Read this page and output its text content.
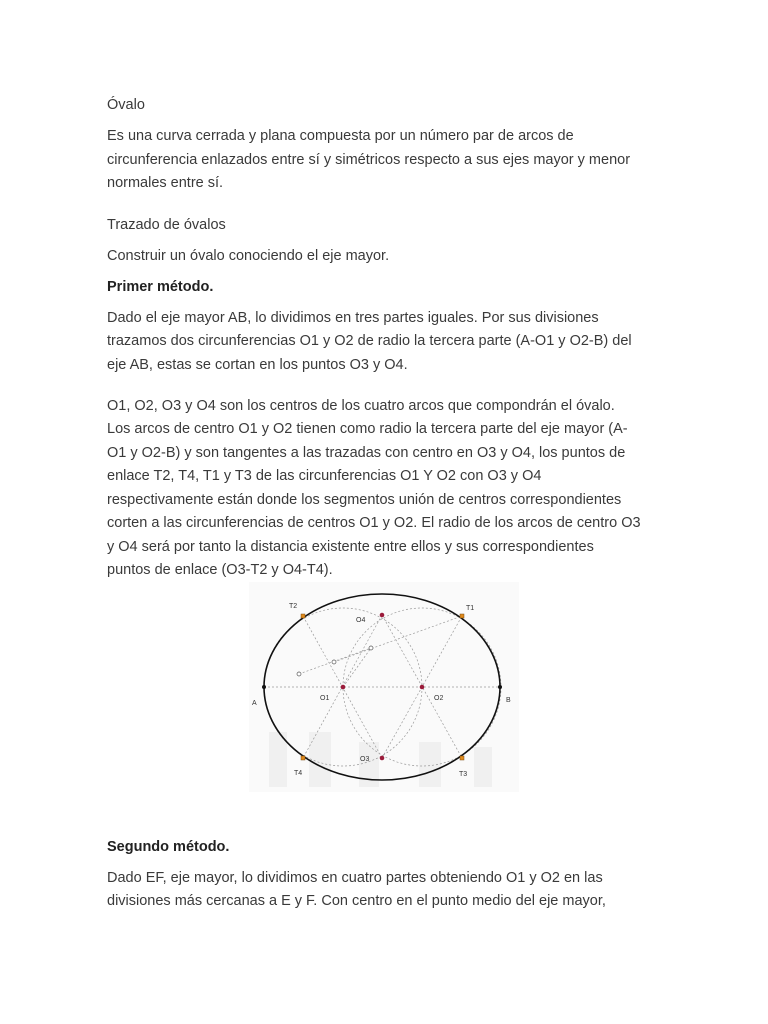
Óvalo
Es una curva cerrada y plana compuesta por un número par de arcos de
circunferencia enlazados entre sí y simétricos respecto a sus ejes mayor y menor
normales entre sí.
Trazado de óvalos
Construir un óvalo conociendo el eje mayor.
Primer método.
Dado el eje mayor AB, lo dividimos en tres partes iguales. Por sus divisiones
trazamos dos circunferencias O1 y O2 de radio la tercera parte (A-O1 y O2-B) del
eje AB, estas se cortan en los puntos O3 y O4.
O1, O2, O3 y O4 son los centros de los cuatro arcos que compondrán el óvalo.
Los arcos de centro O1 y O2 tienen como radio la tercera parte del eje mayor (A-
O1 y O2-B) y son tangentes a las trazadas con centro en O3 y O4, los puntos de
enlace T2, T4, T1 y T3 de las circunferencias O1 Y O2 con O3 y O4
respectivamente están donde los segmentos unión de centros correspondientes
corten a las circunferencias de centros O1 y O2. El radio de los arcos de centro O3
y O4 será por tanto la distancia existente entre ellos y sus correspondientes
puntos de enlace (O3-T2 y O4-T4).
T2	T1
T4	T3
O4
O1	O2
O3
A	B
Segundo método.
Dado EF, eje mayor, lo dividimos en cuatro partes obteniendo O1 y O2 en las
divisiones más cercanas a E y F. Con centro en el punto medio del eje mayor,
